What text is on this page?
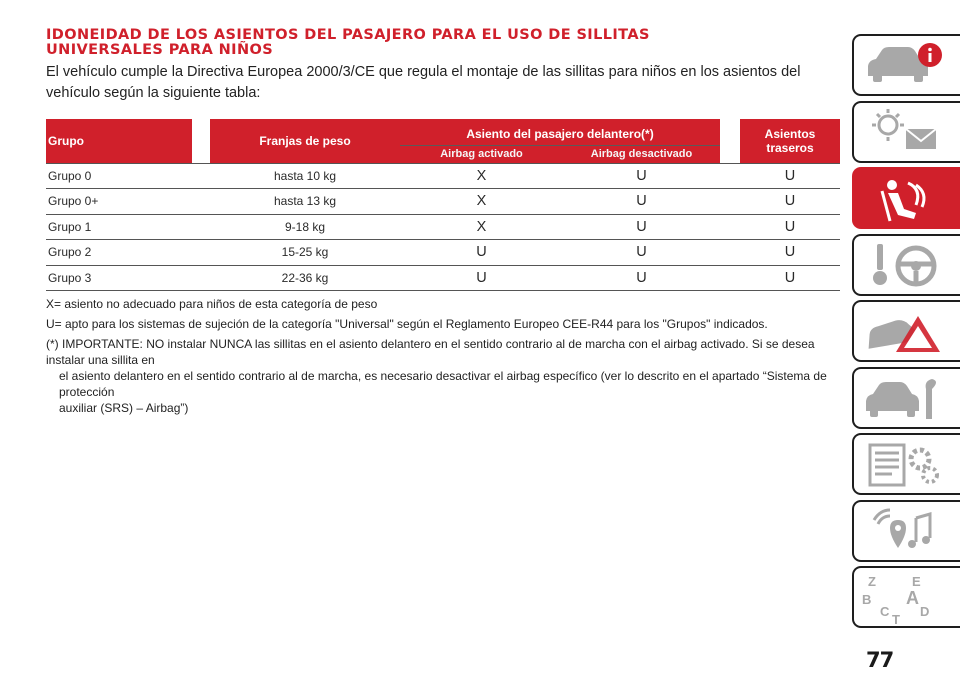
IDONEIDAD DE LOS ASIENTOS DEL PASAJERO PARA EL USO DE SILLITAS
UNIVERSALES PARA NIÑOS

El vehículo cumple la Directiva Europea 2000/3/CE que regula el montaje de las sillitas para niños en los asientos del vehículo según la siguiente tabla:

Grupo		Franjas de peso	Asiento del pasajero delantero(*)			Asientos traseros
			Airbag activado	Airbag desactivado		
Grupo 0		hasta 10 kg	X	U		U
Grupo 0+		hasta 13 kg	X	U		U
Grupo 1		9-18 kg	X	U		U
Grupo 2		15-25 kg	U	U		U
Grupo 3		22-36 kg	U	U		U

X= asiento no adecuado para niños de esta categoría de peso

U= apto para los sistemas de sujeción de la categoría "Universal" según el Reglamento Europeo CEE-R44 para los "Grupos" indicados.

(*) IMPORTANTE: NO instalar NUNCA las sillitas en el asiento delantero en el sentido contrario al de marcha con el airbag activado. Si se desea instalar una sillita en
el asiento delantero en el sentido contrario al de marcha, es necesario desactivar el airbag específico (ver lo descrito en el apartado “Sistema de protección
auxiliar (SRS) – Airbag”)

Z	E
B A
C D
T
77
